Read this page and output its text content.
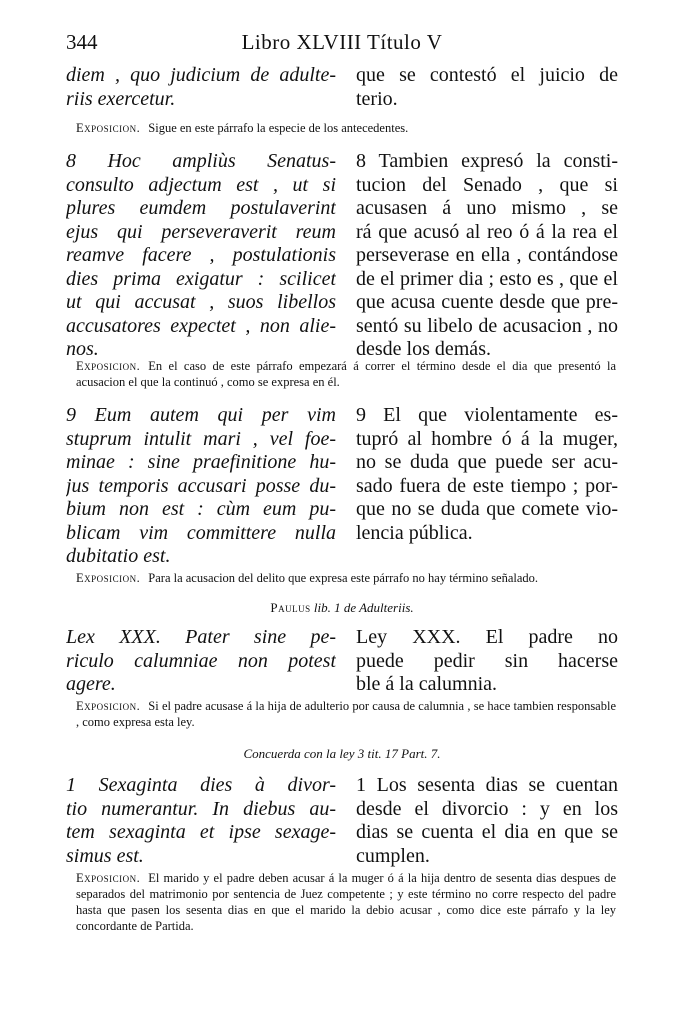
344	Libro XLVIII Título V
diem , quo judicium de adulte-
riis exercetur.
que se contestó el juicio de
terio.
Exposicion. Sigue en este párrafo la especie de los antecedentes.
8 Hoc ampliùs Senatus-
consulto adjectum est , ut si
plures eumdem postulaverint
ejus qui perseveraverit reum
reamve facere , postulationis
dies prima exigatur : scilicet
ut qui accusat , suos libellos
accusatores expectet , non alie-
nos.
8 Tambien expresó la consti-
tucion del Senado , que si
acusasen á uno mismo , se
rá que acusó al reo ó á la rea el
perseverase en ella , contándose
de el primer dia ; esto es , que el
que acusa cuente desde que pre-
sentó su libelo de acusacion , no
desde los demás.
Exposicion. En el caso de este párrafo empezará á correr el término desde el dia que presentó la acusacion el que la continuó , como se expresa en él.
9 Eum autem qui per vim
stuprum intulit mari , vel foe-
minae : sine praefinitione hu-
jus temporis accusari posse du-
bium non est : cùm eum pu-
blicam vim committere nulla
dubitatio est.
9 El que violentamente es-
tupró al hombre ó á la muger,
no se duda que puede ser acu-
sado fuera de este tiempo ; por-
que no se duda que comete vio-
lencia pública.
Exposicion. Para la acusacion del delito que expresa este párrafo no hay término señalado.
Paulus lib. 1 de Adulteriis.
Lex XXX. Pater sine pe-
riculo calumniae non potest
agere.
Ley XXX. El padre no
puede pedir sin hacerse
ble á la calumnia.
Exposicion. Si el padre acusase á la hija de adulterio por causa de calumnia , se hace tambien responsable , como expresa esta ley.
Concuerda con la ley 3 tit. 17 Part. 7.
1 Sexaginta dies à divor-
tio numerantur. In diebus au-
tem sexaginta et ipse sexage-
simus est.
1 Los sesenta dias se cuentan
desde el divorcio : y en los
dias se cuenta el dia en que se
cumplen.
Exposicion. El marido y el padre deben acusar á la muger ó á la hija dentro de sesenta dias despues de separados del matrimonio por sentencia de Juez competente ; y este término no corre respecto del padre hasta que pasen los sesenta dias en que el marido la debio acusar , como dice este párrafo y la ley concordante de Partida.
